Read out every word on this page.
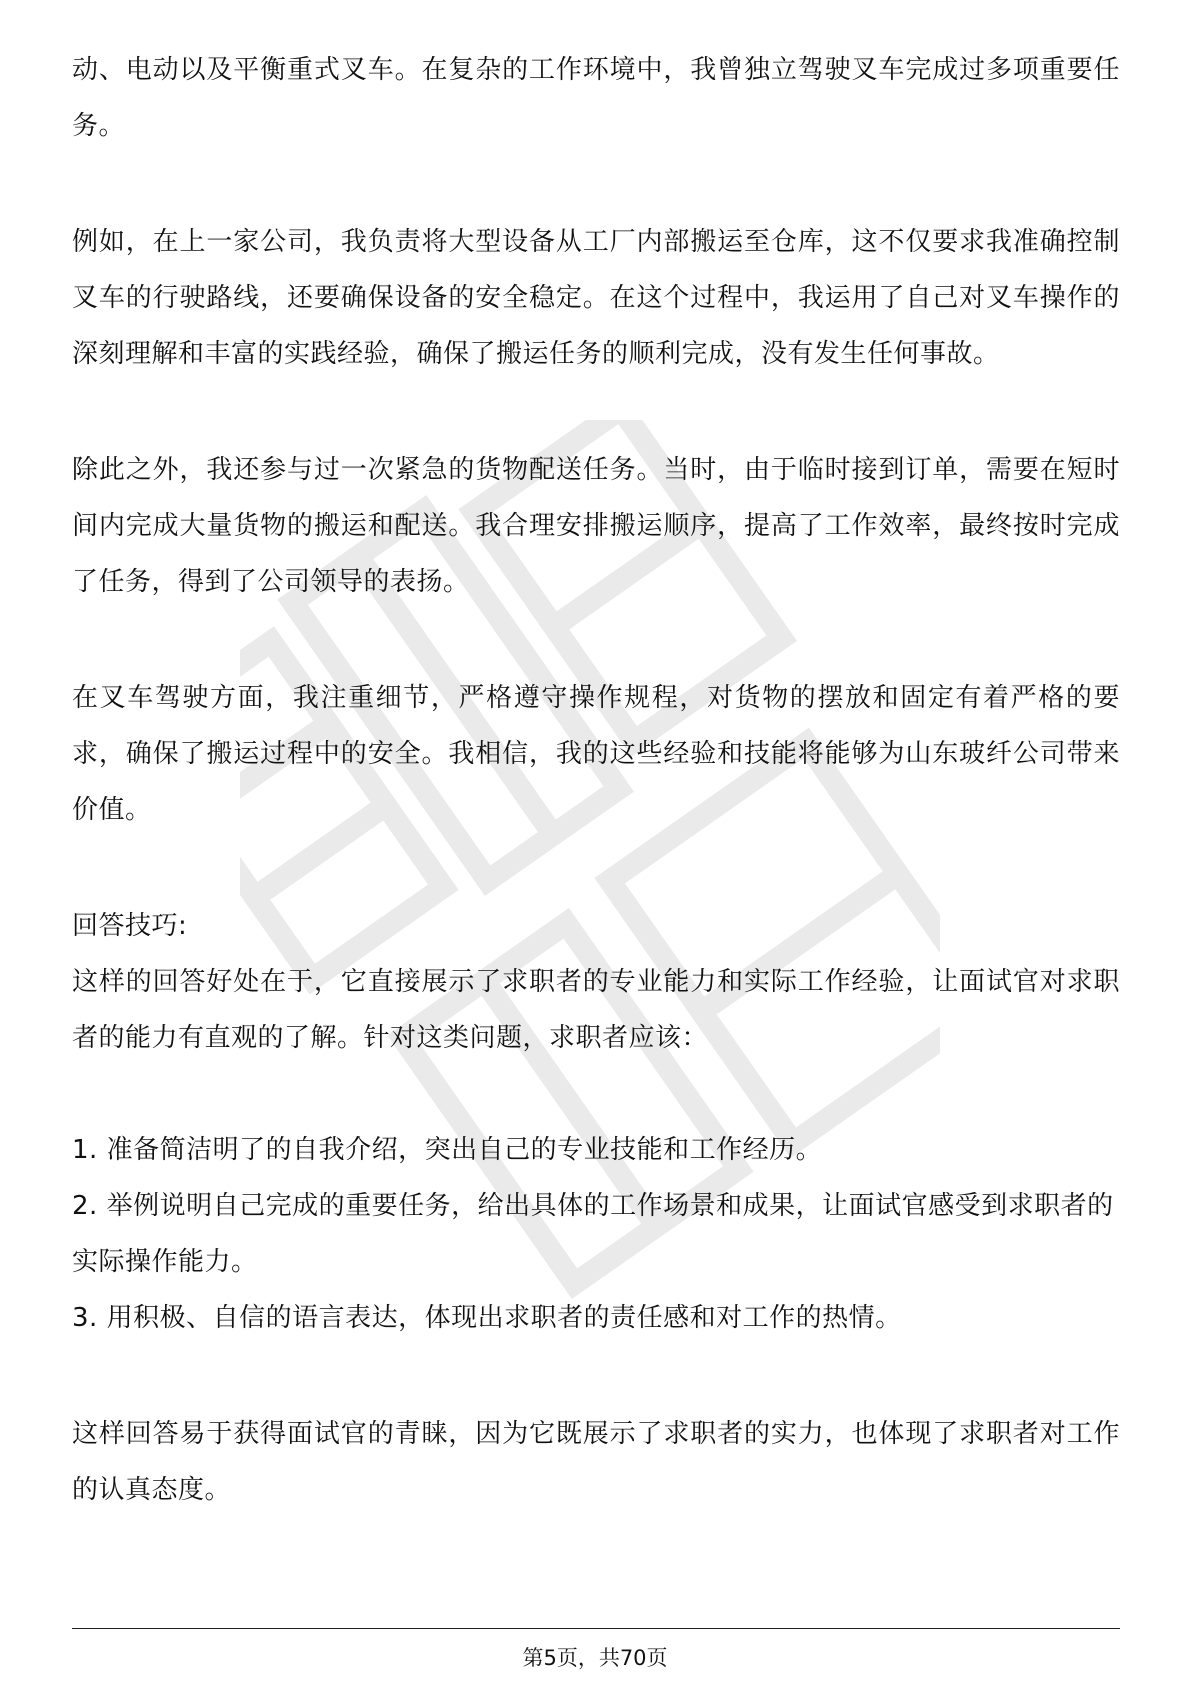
动、电动以及平衡重式叉车。在复杂的工作环境中，我曾独立驾驶叉车完成过多项重要任务。

例如，在上一家公司，我负责将大型设备从工厂内部搬运至仓库，这不仅要求我准确控制叉车的行驶路线，还要确保设备的安全稳定。在这个过程中，我运用了自己对叉车操作的深刻理解和丰富的实践经验，确保了搬运任务的顺利完成，没有发生任何事故。

除此之外，我还参与过一次紧急的货物配送任务。当时，由于临时接到订单，需要在短时间内完成大量货物的搬运和配送。我合理安排搬运顺序，提高了工作效率，最终按时完成了任务，得到了公司领导的表扬。

在叉车驾驶方面，我注重细节，严格遵守操作规程，对货物的摆放和固定有着严格的要求，确保了搬运过程中的安全。我相信，我的这些经验和技能将能够为山东玻纤公司带来价值。

回答技巧:

这样的回答好处在于，它直接展示了求职者的专业能力和实际工作经验，让面试官对求职者的能力有直观的了解。针对这类问题，求职者应该：

1. 准备简洁明了的自我介绍，突出自己的专业技能和工作经历。
2. 举例说明自己完成的重要任务，给出具体的工作场景和成果，让面试官感受到求职者的实际操作能力。
3. 用积极、自信的语言表达，体现出求职者的责任感和对工作的热情。

这样回答易于获得面试官的青睐，因为它既展示了求职者的实力，也体现了求职者对工作的认真态度。

第5页，共70页
